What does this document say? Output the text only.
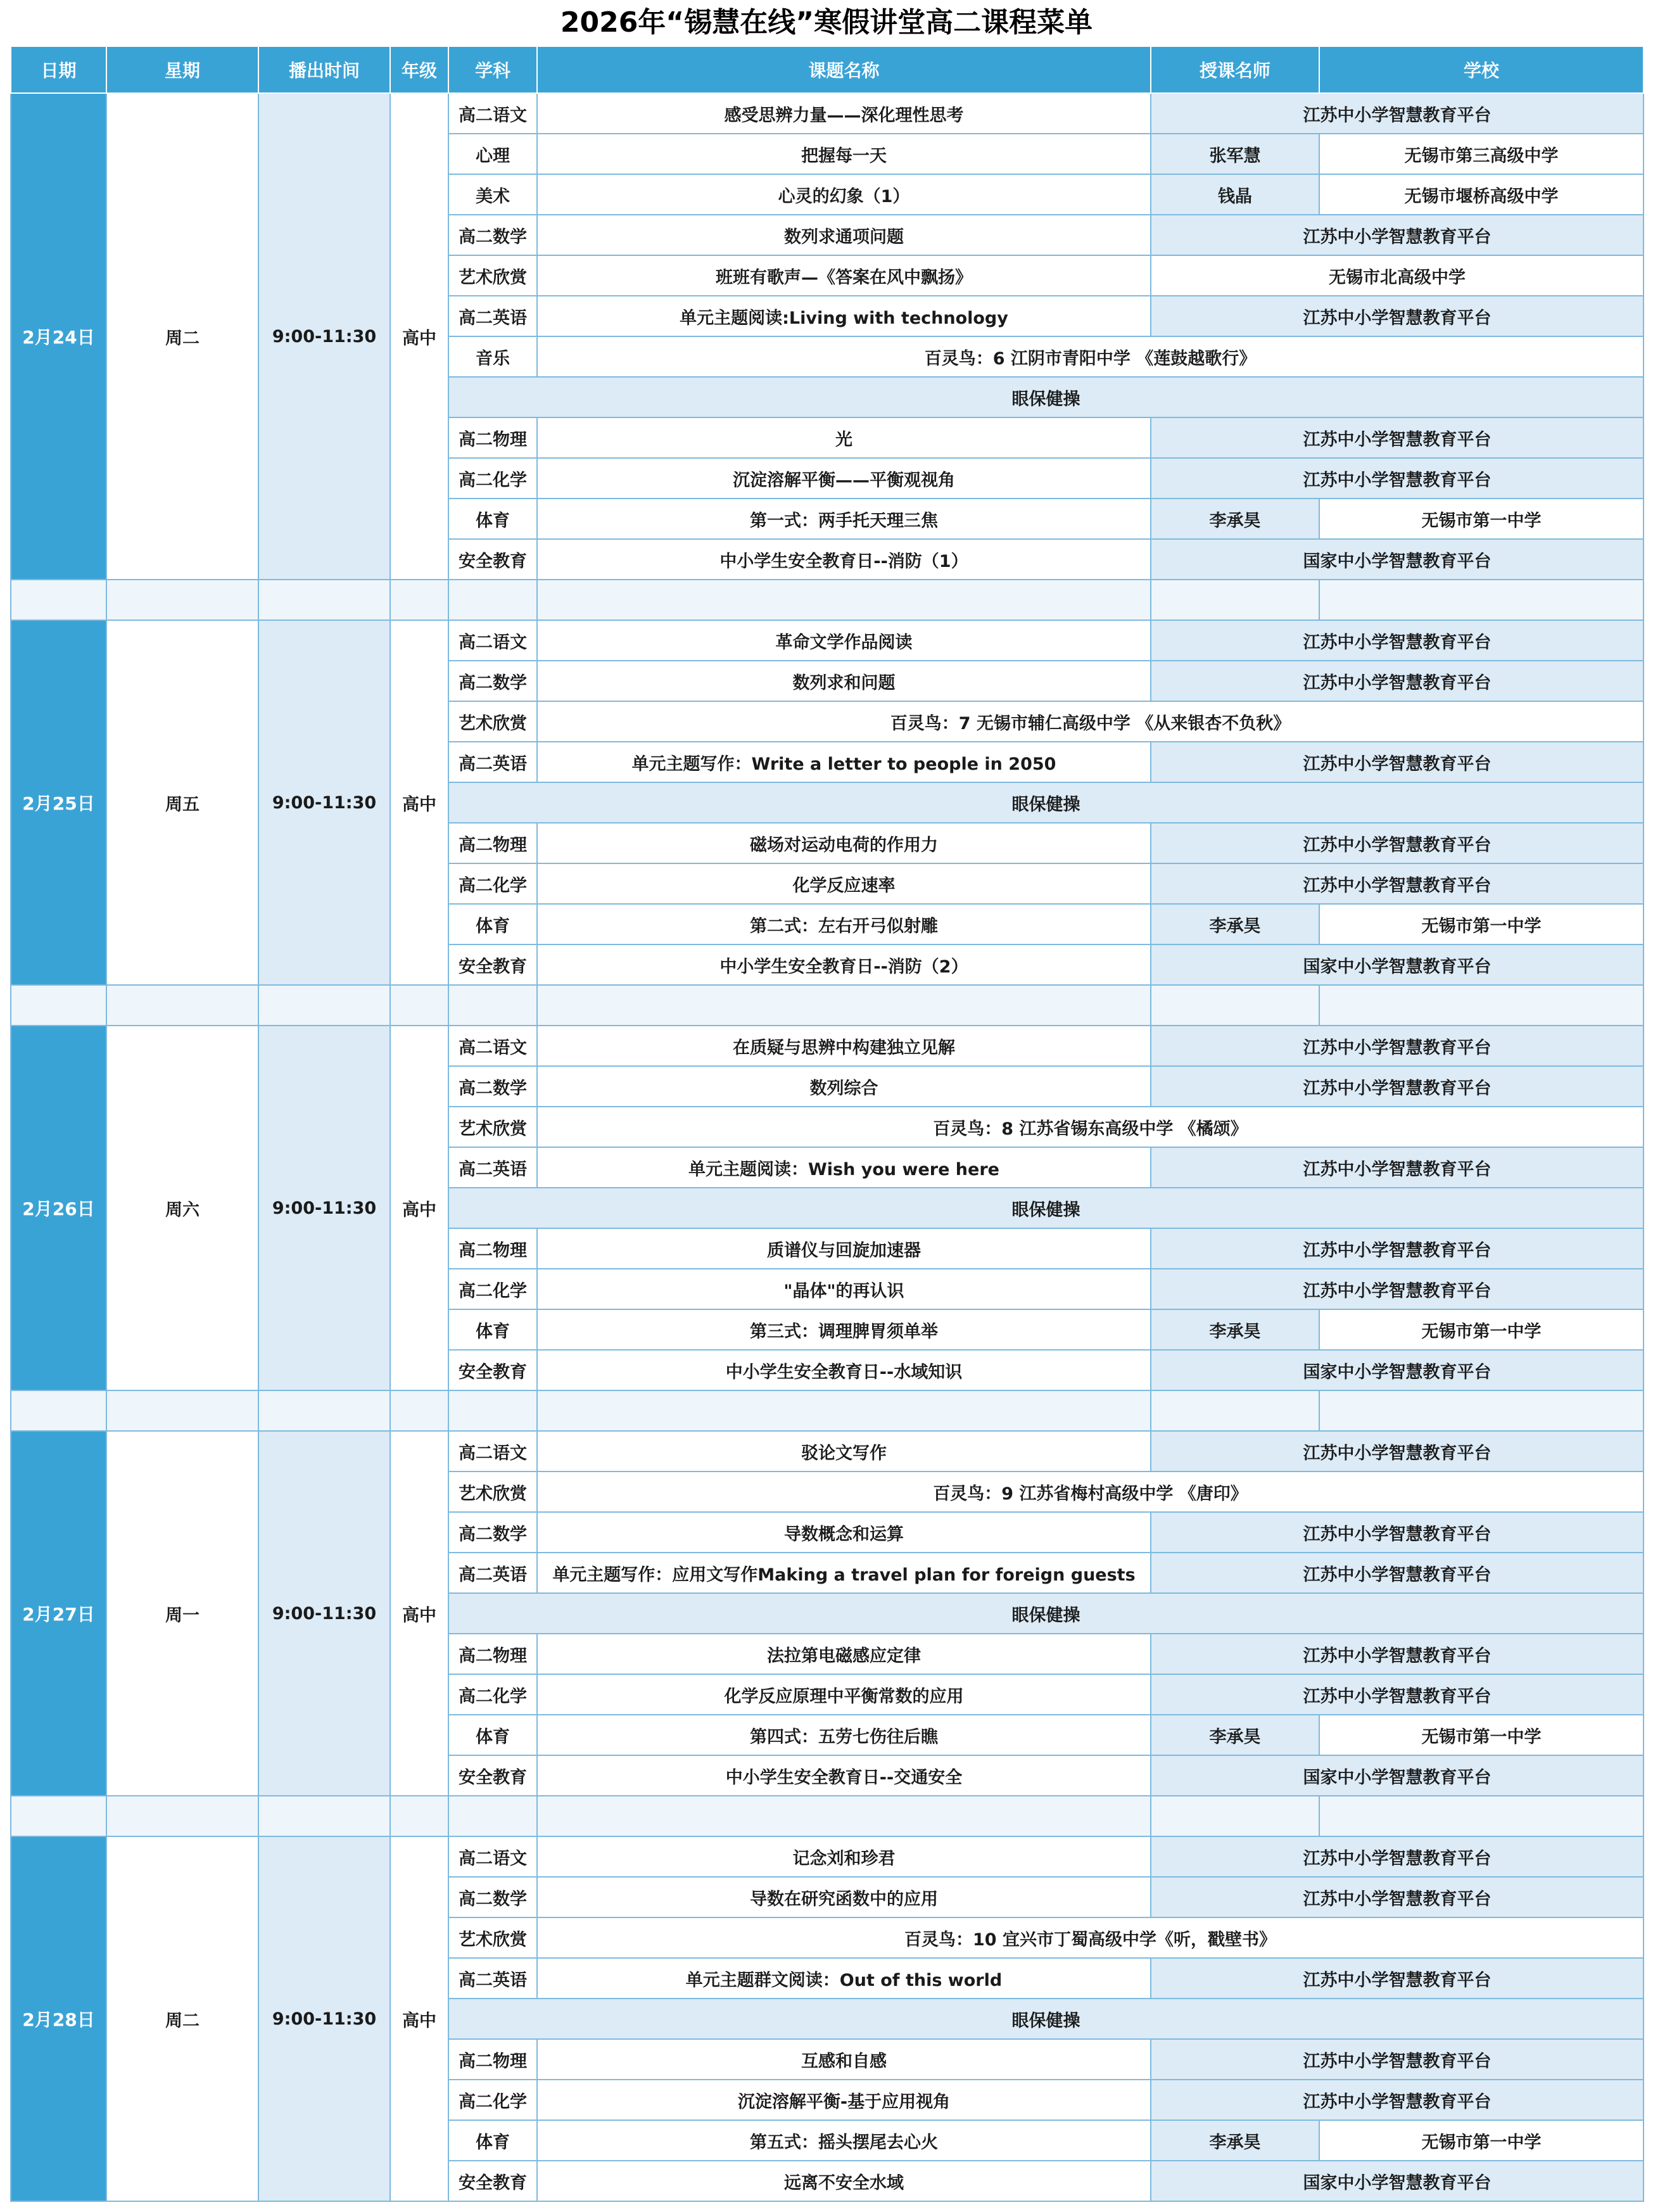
2026年“锡慧在线”寒假讲堂高二课程菜单
日期	星期	播出时间	年级	学科	课题名称	授课名师	学校
2月24日	周二	9:00-11:30	高中	高二语文	感受思辨力量——深化理性思考	江苏中小学智慧教育平台	
				心理	把握每一天	张军慧	无锡市第三高级中学
				美术	心灵的幻象（1）	钱晶	无锡市堰桥高级中学
				高二数学	数列求通项问题	江苏中小学智慧教育平台	
				艺术欣赏	班班有歌声—《答案在风中飘扬》	无锡市北高级中学	
				高二英语	单元主题阅读:Living with technology	江苏中小学智慧教育平台	
				音乐	百灵鸟：6 江阴市青阳中学 《莲鼓越歌行》		
				眼保健操			
				高二物理	光	江苏中小学智慧教育平台	
				高二化学	沉淀溶解平衡——平衡观视角	江苏中小学智慧教育平台	
				体育	第一式：两手托天理三焦	李承昊	无锡市第一中学
				安全教育	中小学生安全教育日--消防（1）	国家中小学智慧教育平台	

2月25日	周五	9:00-11:30	高中	高二语文	革命文学作品阅读	江苏中小学智慧教育平台	
				高二数学	数列求和问题	江苏中小学智慧教育平台	
				艺术欣赏	百灵鸟：7 无锡市辅仁高级中学 《从来银杏不负秋》		
				高二英语	单元主题写作：Write a letter to people in 2050	江苏中小学智慧教育平台	
				眼保健操			
				高二物理	磁场对运动电荷的作用力	江苏中小学智慧教育平台	
				高二化学	化学反应速率	江苏中小学智慧教育平台	
				体育	第二式：左右开弓似射雕	李承昊	无锡市第一中学
				安全教育	中小学生安全教育日--消防（2）	国家中小学智慧教育平台	

2月26日	周六	9:00-11:30	高中	高二语文	在质疑与思辨中构建独立见解	江苏中小学智慧教育平台	
				高二数学	数列综合	江苏中小学智慧教育平台	
				艺术欣赏	百灵鸟：8 江苏省锡东高级中学 《橘颂》		
				高二英语	单元主题阅读：Wish you were here	江苏中小学智慧教育平台	
				眼保健操			
				高二物理	质谱仪与回旋加速器	江苏中小学智慧教育平台	
				高二化学	"晶体"的再认识	江苏中小学智慧教育平台	
				体育	第三式：调理脾胃须单举	李承昊	无锡市第一中学
				安全教育	中小学生安全教育日--水域知识	国家中小学智慧教育平台	

2月27日	周一	9:00-11:30	高中	高二语文	驳论文写作	江苏中小学智慧教育平台	
				艺术欣赏	百灵鸟：9 江苏省梅村高级中学 《唐印》		
				高二数学	导数概念和运算	江苏中小学智慧教育平台	
				高二英语	单元主题写作：应用文写作Making a travel plan for foreign guests	江苏中小学智慧教育平台	
				眼保健操			
				高二物理	法拉第电磁感应定律	江苏中小学智慧教育平台	
				高二化学	化学反应原理中平衡常数的应用	江苏中小学智慧教育平台	
				体育	第四式：五劳七伤往后瞧	李承昊	无锡市第一中学
				安全教育	中小学生安全教育日--交通安全	国家中小学智慧教育平台	

2月28日	周二	9:00-11:30	高中	高二语文	记念刘和珍君	江苏中小学智慧教育平台	
				高二数学	导数在研究函数中的应用	江苏中小学智慧教育平台	
				艺术欣赏	百灵鸟：10 宜兴市丁蜀高级中学《听，戳壁书》		
				高二英语	单元主题群文阅读：Out of this world	江苏中小学智慧教育平台	
				眼保健操			
				高二物理	互感和自感	江苏中小学智慧教育平台	
				高二化学	沉淀溶解平衡-基于应用视角	江苏中小学智慧教育平台	
				体育	第五式：摇头摆尾去心火	李承昊	无锡市第一中学
				安全教育	远离不安全水域	国家中小学智慧教育平台	
